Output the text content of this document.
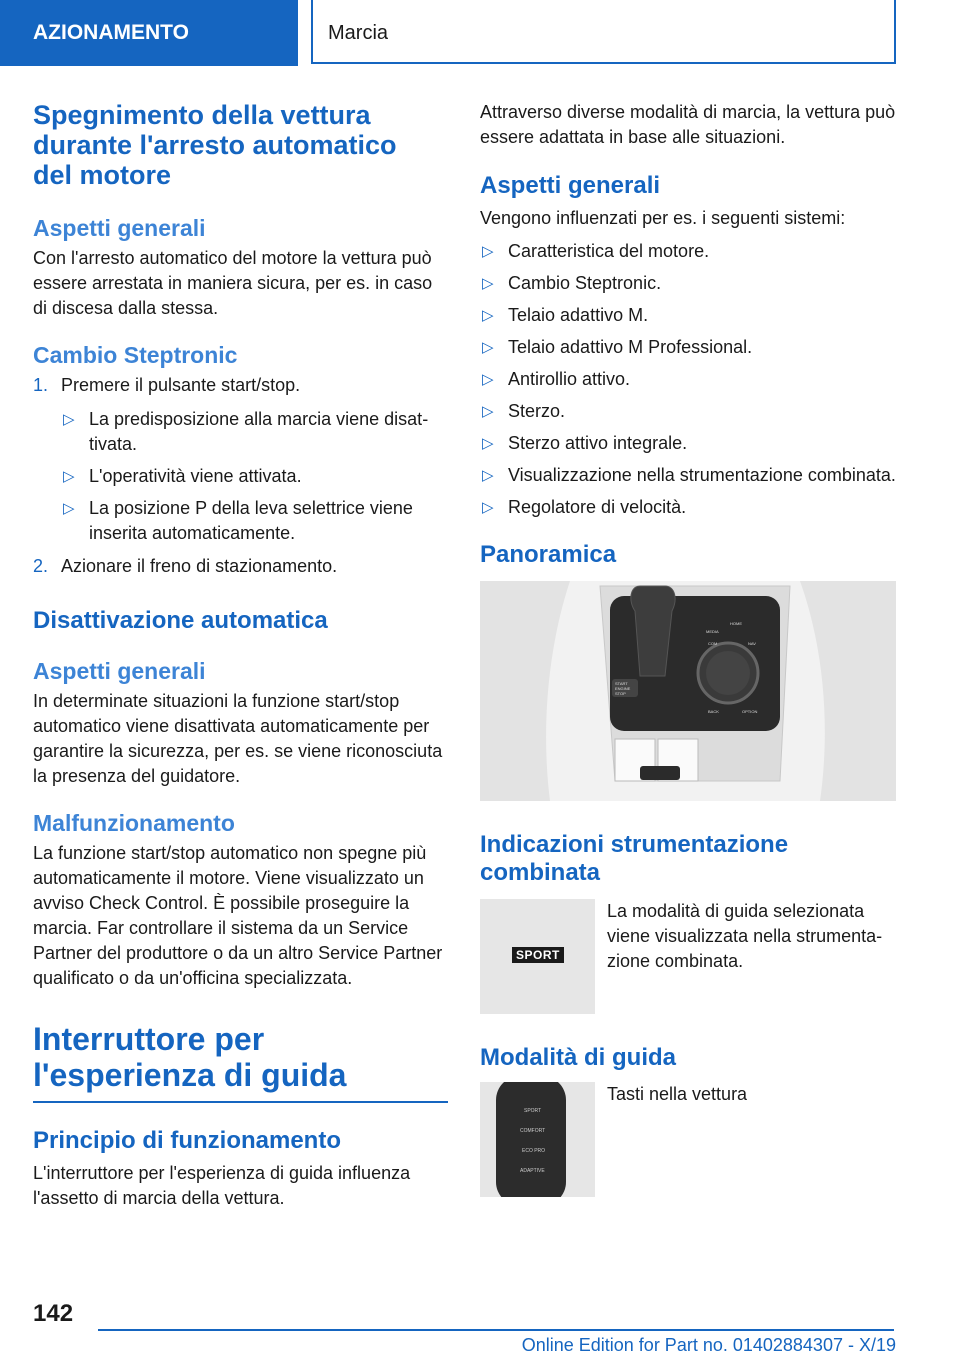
AZIONAMENTO	Marcia
Spegnimento della vettura durante l'arresto automatico del motore
Aspetti generali

Con l'arresto automatico del motore la vettura può essere arrestata in maniera sicura, per es. in caso di discesa dalla stessa.

Cambio Steptronic
1. Premere il pulsante start/stop.
▷ La predisposizione alla marcia viene disattivata.
▷ L'operatività viene attivata.
▷ La posizione P della leva selettrice viene inserita automaticamente.
2. Azionare il freno di stazionamento.
Disattivazione automatica
Aspetti generali

In determinate situazioni la funzione start/stop automatico viene disattivata automaticamente per garantire la sicurezza, per es. se viene riconosciuta la presenza del guidatore.

Malfunzionamento

La funzione start/stop automatico non spegne più automaticamente il motore. Viene visualizzato un avviso Check Control. È possibile proseguire la marcia. Far controllare il sistema da un Service Partner del produttore o da un altro Service Partner qualificato o da un'officina specializzata.

Interruttore per l'esperienza di guida
Principio di funzionamento

L'interruttore per l'esperienza di guida influenza l'assetto di marcia della vettura.

Attraverso diverse modalità di marcia, la vettura può essere adattata in base alle situazioni.

Aspetti generali

Vengono influenzati per es. i seguenti sistemi:

▷ Caratteristica del motore.
▷ Cambio Steptronic.
▷ Telaio adattivo M.
▷ Telaio adattivo M Professional.
▷ Antirollio attivo.
▷ Sterzo.
▷ Sterzo attivo integrale.
▷ Visualizzazione nella strumentazione combinata.
▷ Regolatore di velocità.
Panoramica
START
ENGINE
STOP
MEDIA
HOME
COM	NAV
BACK	OPTION
Indicazioni strumentazione combinata
SPORT

La modalità di guida selezionata viene visualizzata nella strumentazione combinata.

Modalità di guida
SPORT
COMFORT
ECO PRO
ADAPTIVE

Tasti nella vettura

142
Online Edition for Part no. 01402884307 - X/19
